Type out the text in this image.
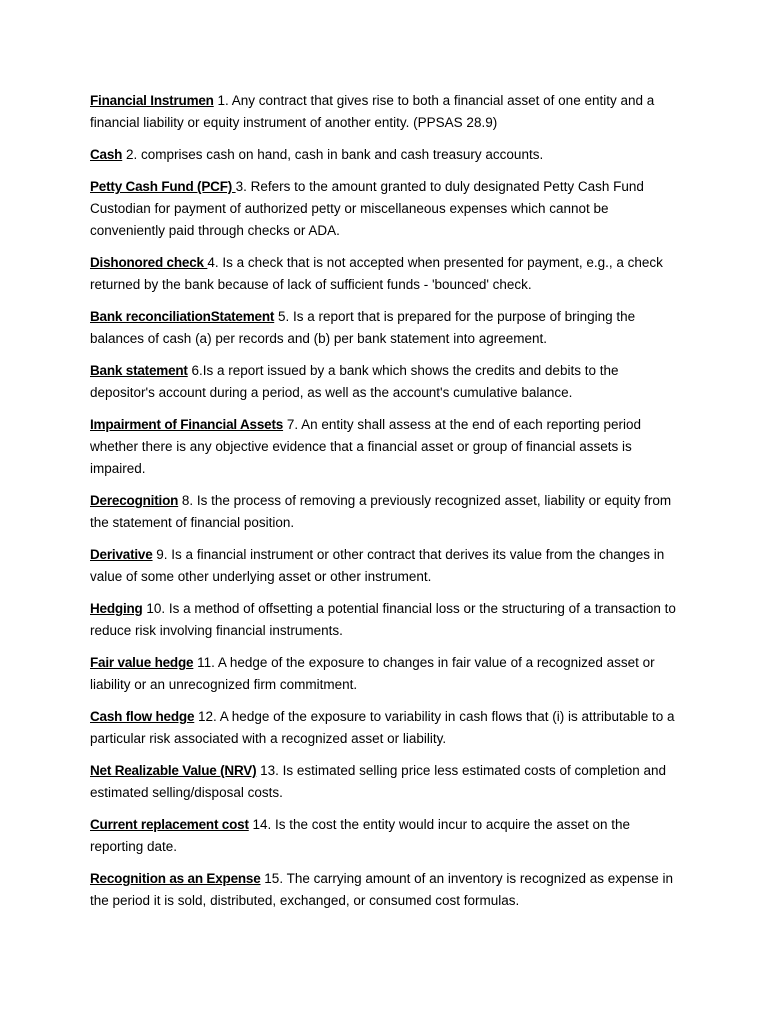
Financial Instrumen 1. Any contract that gives rise to both a financial asset of one entity and a financial liability or equity instrument of another entity. (PPSAS 28.9)

Cash 2. comprises cash on hand, cash in bank and cash treasury accounts.

Petty Cash Fund (PCF) 3. Refers to the amount granted to duly designated Petty Cash Fund Custodian for payment of authorized petty or miscellaneous expenses which cannot be conveniently paid through checks or ADA.

Dishonored check 4. Is a check that is not accepted when presented for payment, e.g., a check returned by the bank because of lack of sufficient funds - 'bounced' check.

Bank reconciliationStatement 5. Is a report that is prepared for the purpose of bringing the balances of cash (a) per records and (b) per bank statement into agreement.

Bank statement 6.Is a report issued by a bank which shows the credits and debits to the depositor's account during a period, as well as the account's cumulative balance.

Impairment of Financial Assets 7. An entity shall assess at the end of each reporting period whether there is any objective evidence that a financial asset or group of financial assets is impaired.

Derecognition 8. Is the process of removing a previously recognized asset, liability or equity from the statement of financial position.

Derivative 9. Is a financial instrument or other contract that derives its value from the changes in value of some other underlying asset or other instrument.

Hedging 10. Is a method of offsetting a potential financial loss or the structuring of a transaction to reduce risk involving financial instruments.

Fair value hedge 11. A hedge of the exposure to changes in fair value of a recognized asset or liability or an unrecognized firm commitment.

Cash flow hedge 12. A hedge of the exposure to variability in cash flows that (i) is attributable to a particular risk associated with a recognized asset or liability.

Net Realizable Value (NRV) 13. Is estimated selling price less estimated costs of completion and estimated selling/disposal costs.

Current replacement cost 14. Is the cost the entity would incur to acquire the asset on the reporting date.

Recognition as an Expense 15. The carrying amount of an inventory is recognized as expense in the period it is sold, distributed, exchanged, or consumed cost formulas.
